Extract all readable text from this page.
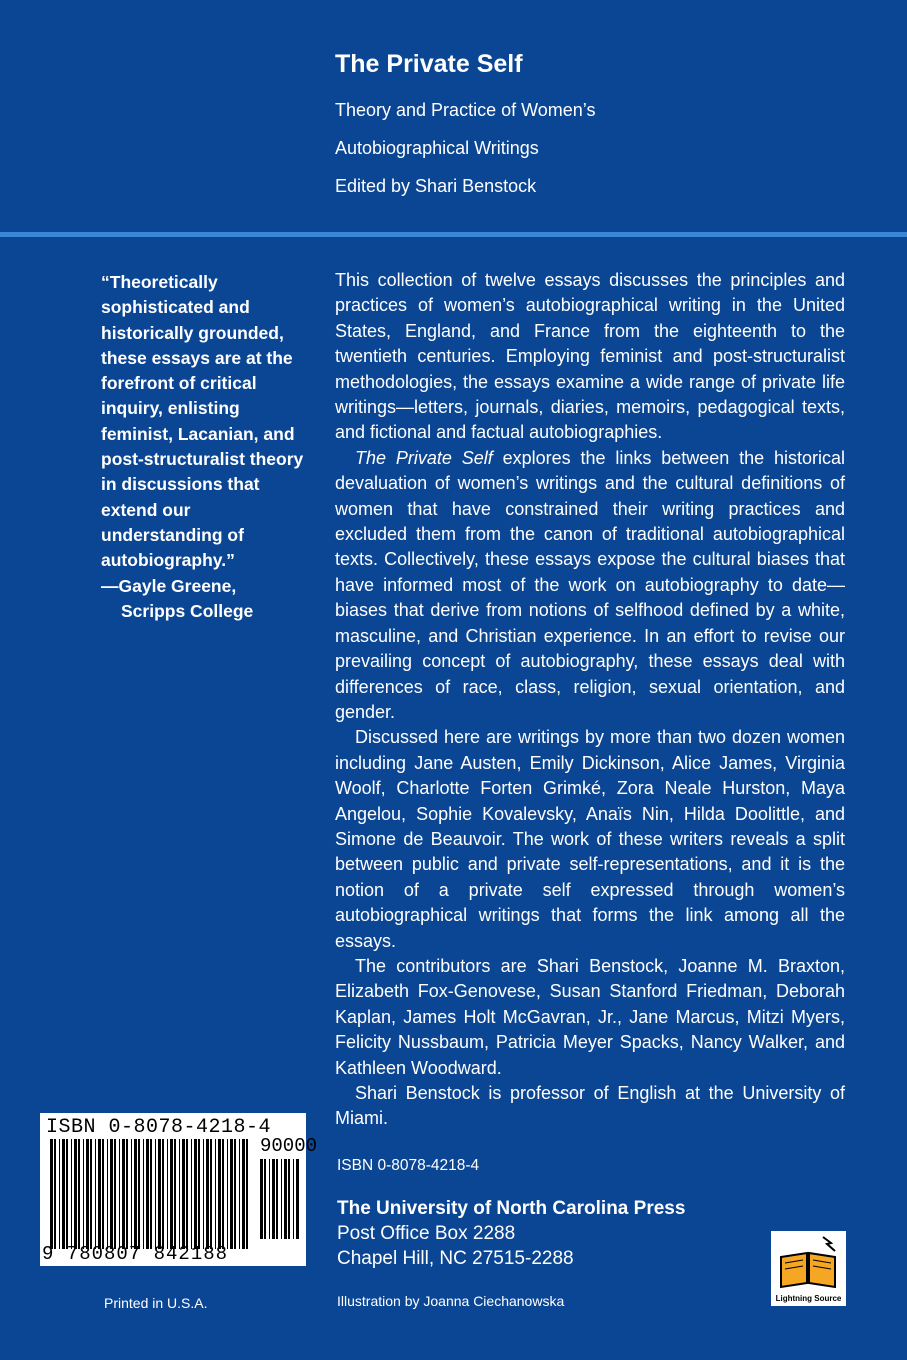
The Private Self
Theory and Practice of Women’s
Autobiographical Writings
Edited by Shari Benstock
“Theoretically sophisticated and historically grounded, these essays are at the forefront of critical inquiry, enlisting feminist, Lacanian, and post-structuralist theory in discussions that extend our understanding of autobiography.”
—Gayle Greene,
Scripps College

This collection of twelve essays discusses the principles and practices of women’s autobiographical writing in the United States, England, and France from the eighteenth to the twentieth centuries. Employing feminist and post-structuralist methodologies, the essays examine a wide range of private life writings—letters, journals, diaries, memoirs, pedagogical texts, and fictional and factual autobiographies.

The Private Self explores the links between the historical devaluation of women’s writings and the cultural definitions of women that have constrained their writing practices and excluded them from the canon of traditional autobiographical texts. Collectively, these essays expose the cultural biases that have informed most of the work on autobiography to date—biases that derive from notions of selfhood defined by a white, masculine, and Christian experience. In an effort to revise our prevailing concept of autobiography, these essays deal with differences of race, class, religion, sexual orientation, and gender.

Discussed here are writings by more than two dozen women including Jane Austen, Emily Dickinson, Alice James, Virginia Woolf, Charlotte Forten Grimké, Zora Neale Hurston, Maya Angelou, Sophie Kovalevsky, Anaïs Nin, Hilda Doolittle, and Simone de Beauvoir. The work of these writers reveals a split between public and private self-representations, and it is the notion of a private self expressed through women’s autobiographical writings that forms the link among all the essays.

The contributors are Shari Benstock, Joanne M. Braxton, Elizabeth Fox-Genovese, Susan Stanford Friedman, Deborah Kaplan, James Holt McGavran, Jr., Jane Marcus, Mitzi Myers, Felicity Nussbaum, Patricia Meyer Spacks, Nancy Walker, and Kathleen Woodward.

Shari Benstock is professor of English at the University of Miami.

ISBN 0-8078-4218-4
The University of North Carolina Press
Post Office Box 2288
Chapel Hill, NC 27515-2288
ISBN 0-8078-4218-4
90000
9 780807 842188
Printed in U.S.A.	Illustration by Joanna Ciechanowska	Lightning Source
